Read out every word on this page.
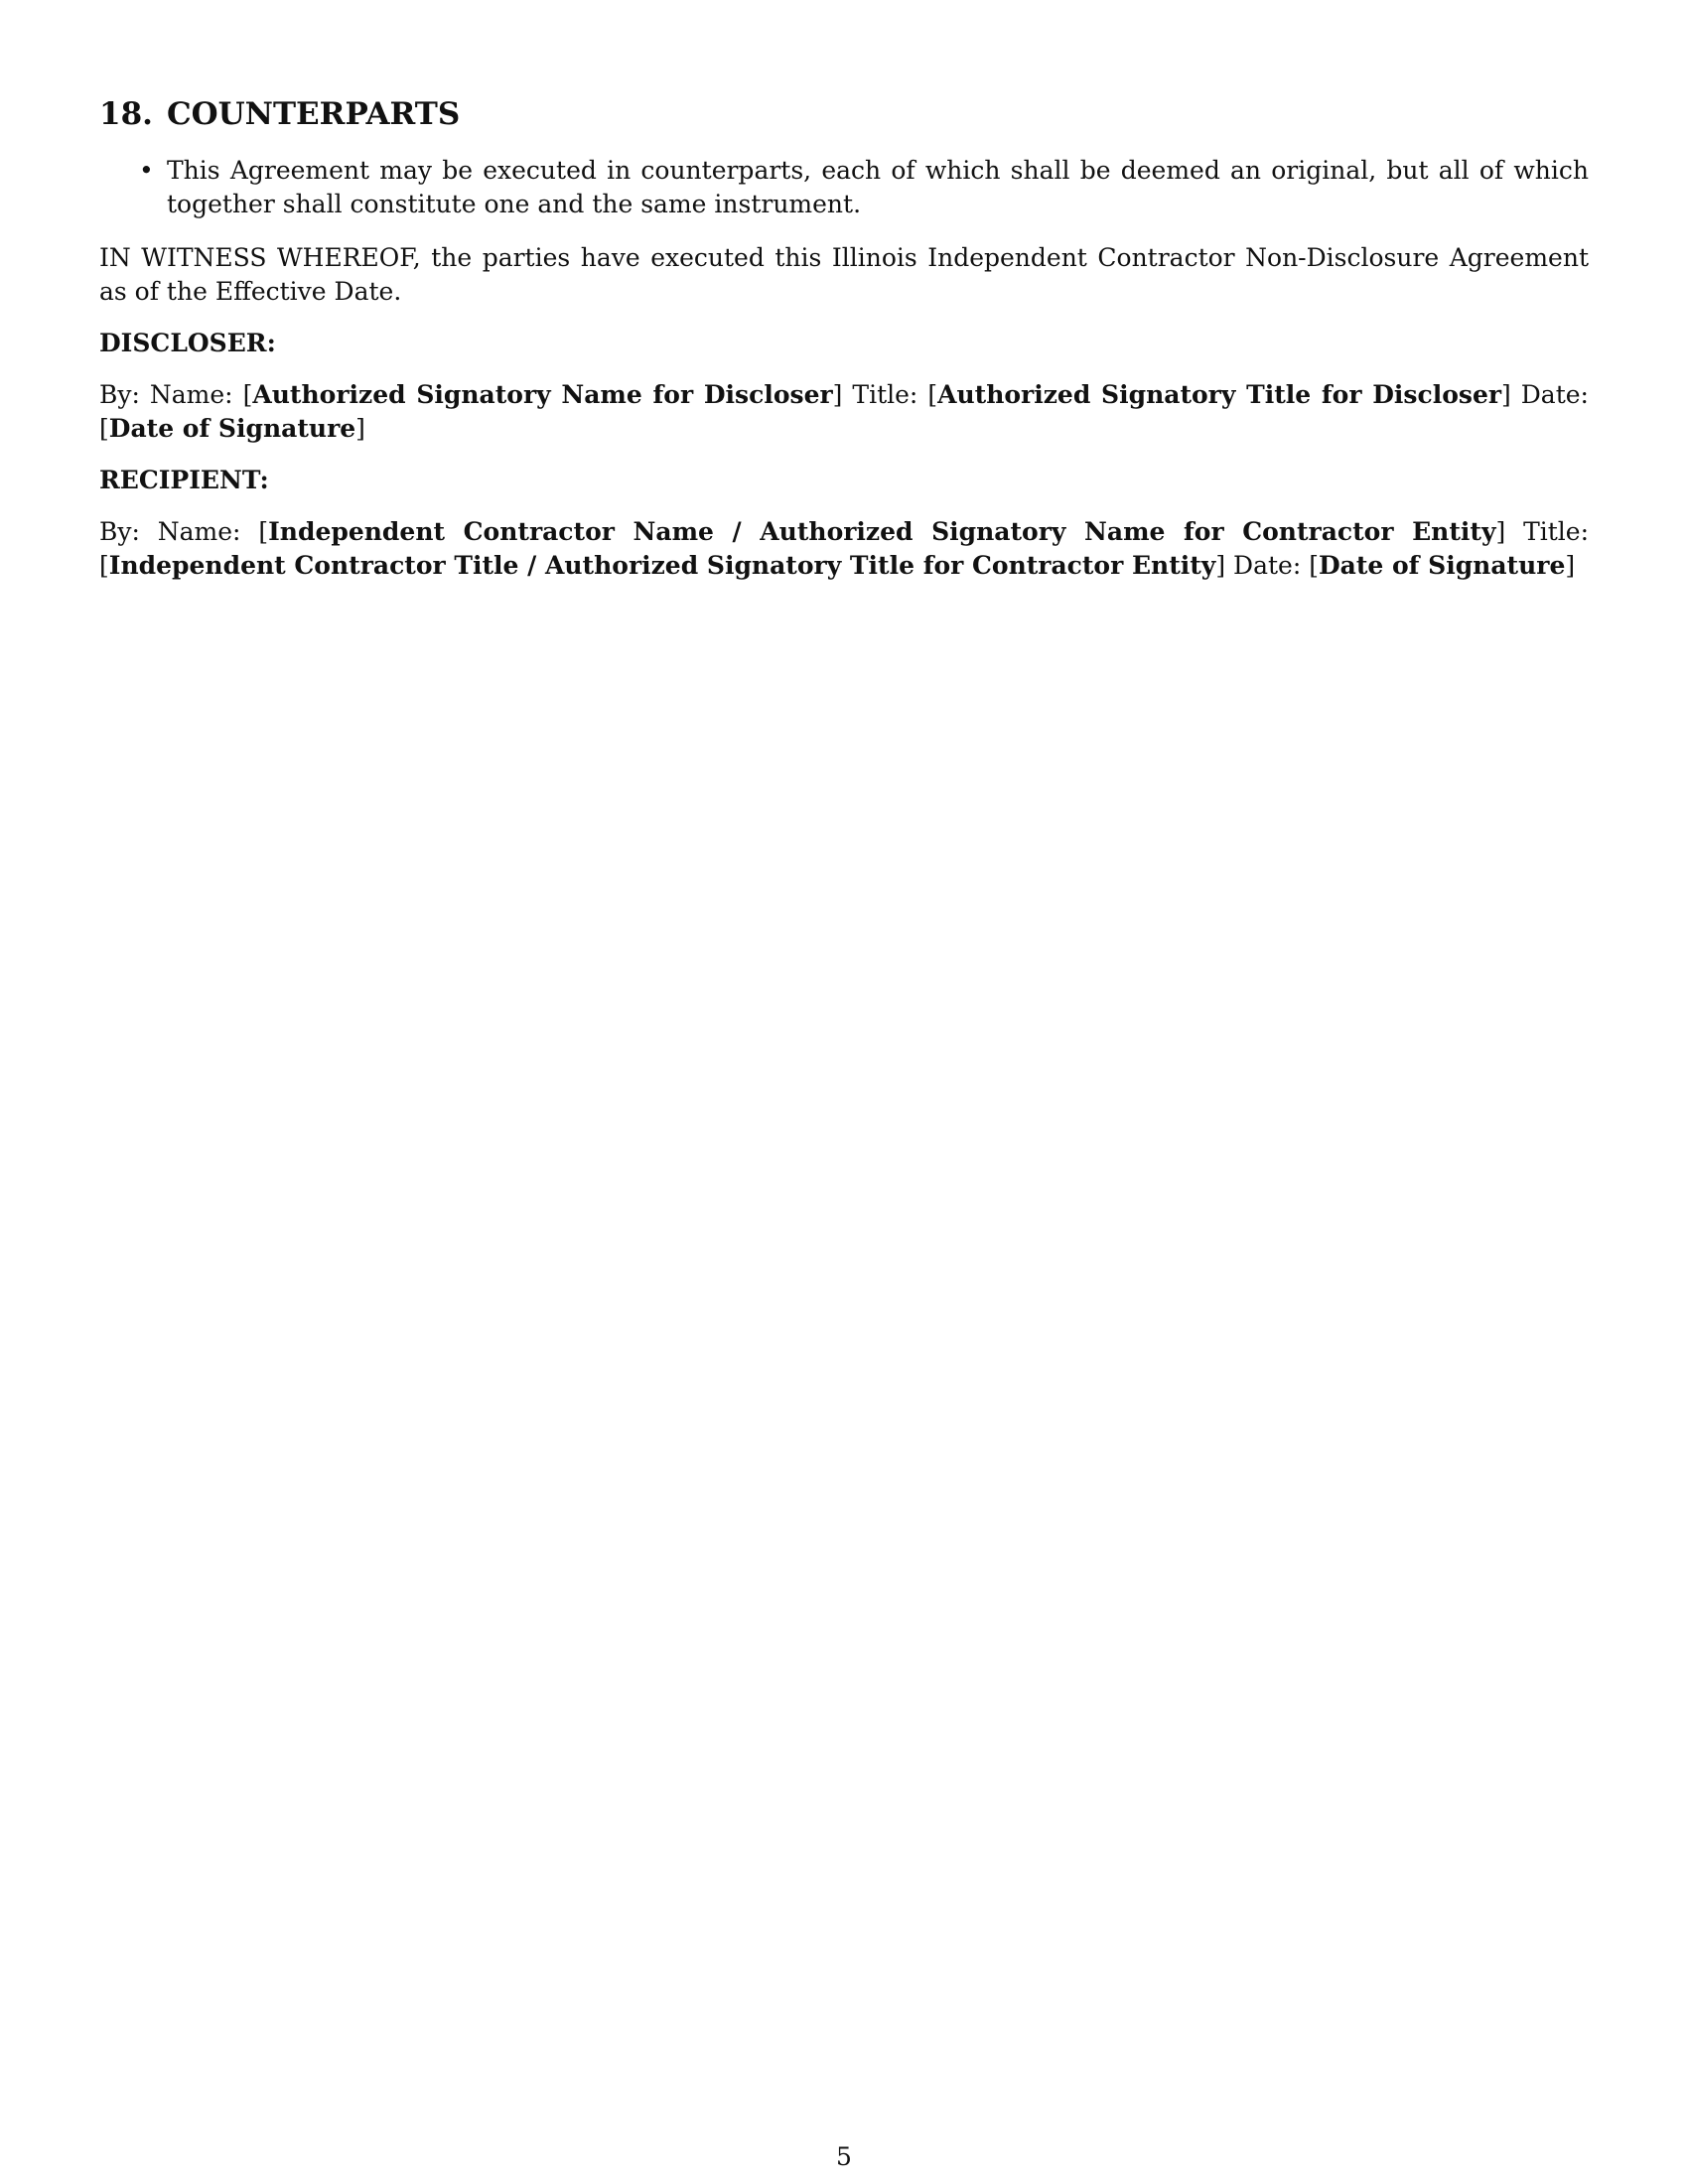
18. COUNTERPARTS
• This Agreement may be executed in counterparts, each of which shall be deemed an original, but all of which together shall constitute one and the same instrument.

IN WITNESS WHEREOF, the parties have executed this Illinois Independent Contractor Non-Disclosure Agreement as of the Effective Date.

DISCLOSER:

By: Name: [Authorized Signatory Name for Discloser] Title: [Authorized Signatory Title for Discloser] Date: [Date of Signature]

RECIPIENT:

By: Name: [Independent Contractor Name / Authorized Signatory Name for Contractor Entity] Title: [Independent Contractor Title / Authorized Signatory Title for Contractor Entity] Date: [Date of Signature]

5
